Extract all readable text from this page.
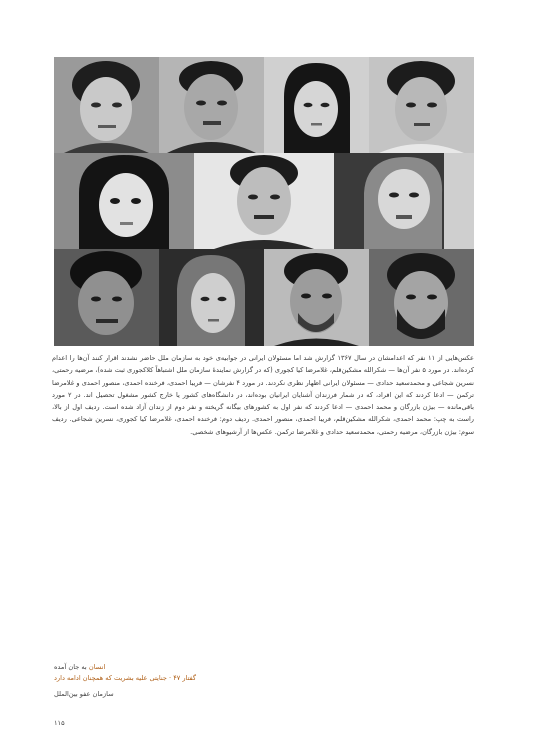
عکس‌هایی از ۱۱ نفر که اعدامشان در سال ۱۳۶۷ گزارش شد اما مسئولان ایرانی در جوابیه‌ی خود به سازمان ملل حاضر نشدند اقرار کنند آن‌ها را اعدام کرده‌اند. در مورد ۵ نفر آن‌ها — شکرالله مشکین‌قلم، غلامرضا کیا کجوری (که در گزارش نمایندهٔ سازمان ملل اشتباهاً کلاکجوری ثبت شده)، مرضیه رحمتی، نسرین شجاعی و محمدسعید حدادی — مسئولان ایرانی اظهار نظری نکردند. در مورد ۴ نفرشان — فریبا احمدی، فرخنده احمدی، منصور احمدی و غلامرضا ترکمن — ادعا کردند که این افراد، که در شمار فرزندان آشنایان ایرانیان بوده‌اند، در دانشگاه‌های کشور یا خارج کشور مشغول تحصیل اند. در ۲ مورد باقی‌مانده — بیژن بازرگان و محمد احمدی — ادعا کردند که نفر اول به کشورهای بیگانه گریخته و نفر دوم از زندان آزاد شده است. ردیف اول از بالا، راست به چپ: محمد احمدی، شکرالله مشکین‌قلم، فریبا احمدی، منصور احمدی. ردیف دوم: فرخنده احمدی، غلامرضا کیا کجوری، نسرین شجاعی. ردیف سوم: بیژن بازرگان، مرضیه رحمتی، محمدسعید حدادی و غلامرضا ترکمن. عکس‌ها از آرشیوهای شخصی.

انسان به جان آمده
گفتار ۴۷ · جنایتی علیه بشریت که همچنان ادامه دارد
سازمان عفو بین‌الملل
۱۱۵
